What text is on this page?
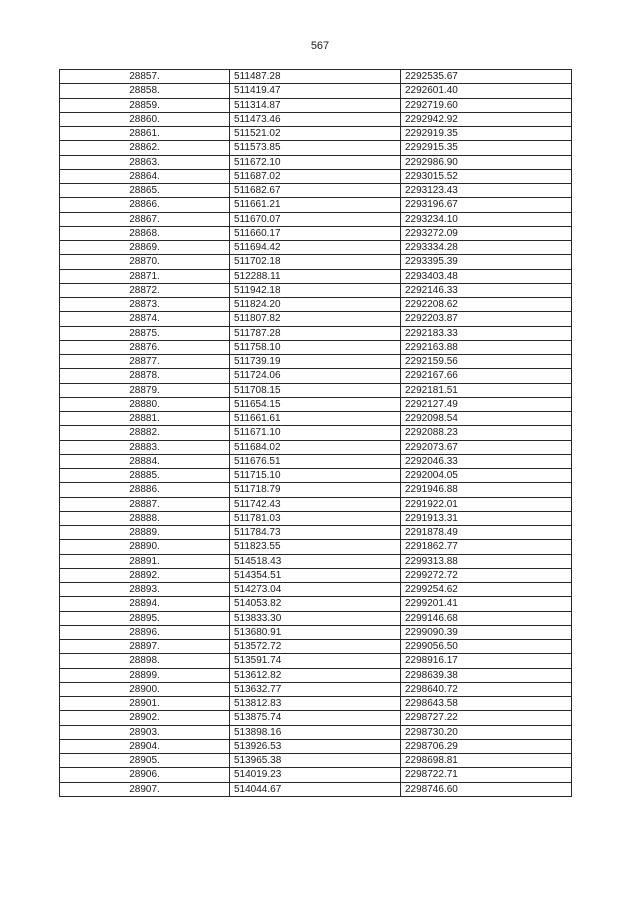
567
28857.	511487.28	2292535.67
28858.	511419.47	2292601.40
28859.	511314.87	2292719.60
28860.	511473.46	2292942.92
28861.	511521.02	2292919.35
28862.	511573.85	2292915.35
28863.	511672.10	2292986.90
28864.	511687.02	2293015.52
28865.	511682.67	2293123.43
28866.	511661.21	2293196.67
28867.	511670.07	2293234.10
28868.	511660.17	2293272.09
28869.	511694.42	2293334.28
28870.	511702.18	2293395.39
28871.	512288.11	2293403.48
28872.	511942.18	2292146.33
28873.	511824.20	2292208.62
28874.	511807.82	2292203.87
28875.	511787.28	2292183.33
28876.	511758.10	2292163.88
28877.	511739.19	2292159.56
28878.	511724.06	2292167.66
28879.	511708.15	2292181.51
28880.	511654.15	2292127.49
28881.	511661.61	2292098.54
28882.	511671.10	2292088.23
28883.	511684.02	2292073.67
28884.	511676.51	2292046.33
28885.	511715.10	2292004.05
28886.	511718.79	2291946.88
28887.	511742.43	2291922.01
28888.	511781.03	2291913.31
28889.	511784.73	2291878.49
28890.	511823.55	2291862.77
28891.	514518.43	2299313.88
28892.	514354.51	2299272.72
28893.	514273.04	2299254.62
28894.	514053.82	2299201.41
28895.	513833.30	2299146.68
28896.	513680.91	2299090.39
28897.	513572.72	2299056.50
28898.	513591.74	2298916.17
28899.	513612.82	2298639.38
28900.	513632.77	2298640.72
28901.	513812.83	2298643.58
28902.	513875.74	2298727.22
28903.	513898.16	2298730.20
28904.	513926.53	2298706.29
28905.	513965.38	2298698.81
28906.	514019.23	2298722.71
28907.	514044.67	2298746.60
